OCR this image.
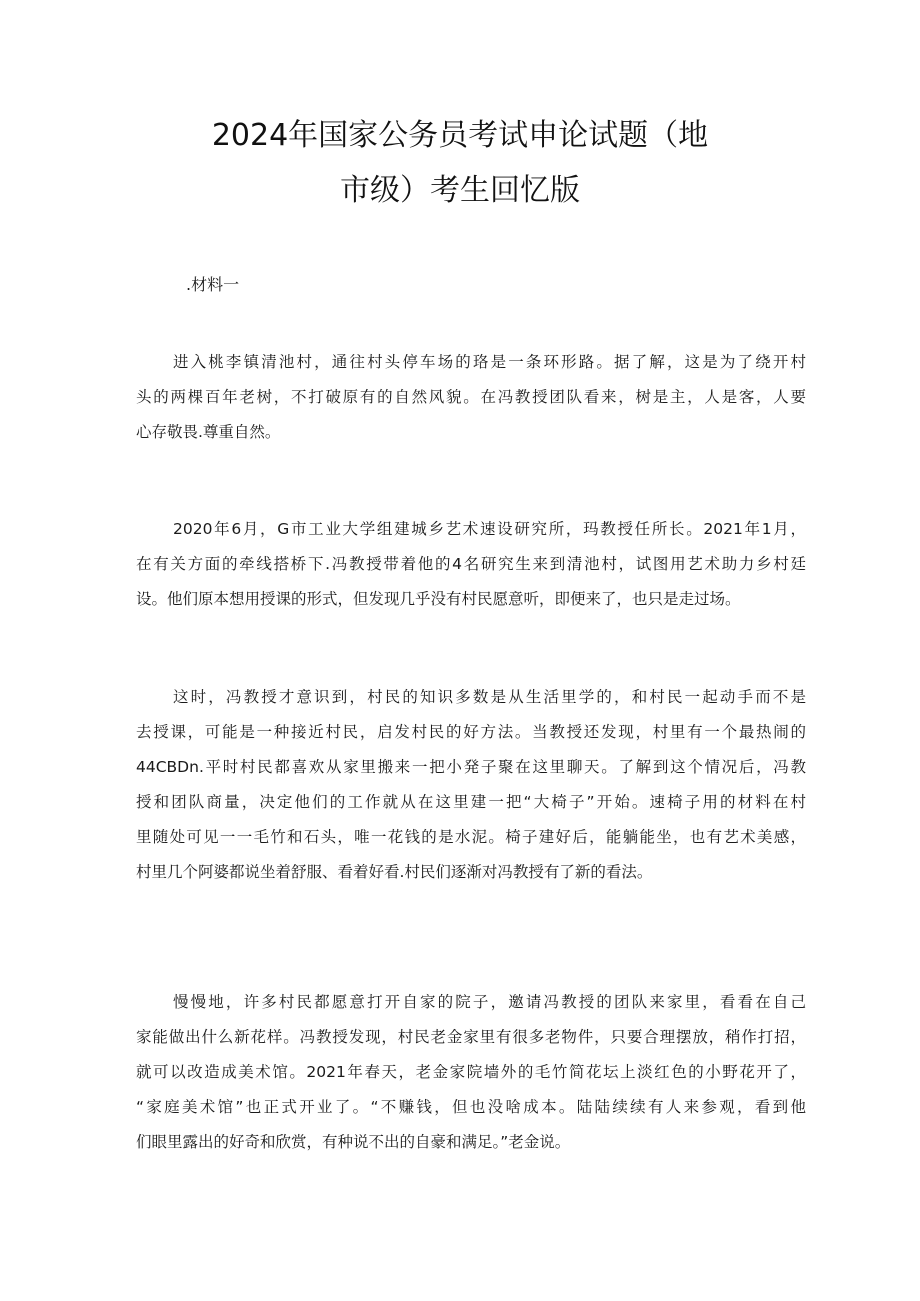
2024年国家公务员考试申论试题（地
市级）考生回忆版

.材料一

进入桃李镇清池村，通往村头停车场的珞是一条环形路。据了解，这是为了绕开村
头的两棵百年老树，不打破原有的自然风貌。在冯教授团队看来，树是主，人是客，人要
心存敬畏.尊重自然。
2020年6月，G市工业大学组建城乡艺术速设研究所，玛教授任所长。2021年1月，
在有关方面的牵线搭桥下.冯教授带着他的4名研究生来到清池村，试图用艺术助力乡村廷
设。他们原本想用授课的形式，但发现几乎没有村民愿意听，即便来了，也只是走过场。
这时，冯教授才意识到，村民的知识多数是从生活里学的，和村民一起动手而不是
去授课，可能是一种接近村民，启发村民的好方法。当教授还发现，村里有一个最热闹的
44CBDn.平时村民都喜欢从家里搬来一把小発子聚在这里聊天。了解到这个情况后，冯教
授和团队商量，决定他们的工作就从在这里建一把“大椅子”开始。速椅子用的材料在村
里随处可见一一毛竹和石头，唯一花钱的是水泥。椅子建好后，能躺能坐，也有艺术美感，
村里几个阿婆都说坐着舒服、看着好看.村民们逐渐对冯教授有了新的看法。
慢慢地，许多村民都愿意打开自家的院子，邀请冯教授的团队来家里，看看在自己
家能做出什么新花样。冯教授发现，村民老金家里有很多老物件，只要合理摆放，稍作打招，
就可以改造成美术馆。2021年春天，老金家院墙外的毛竹简花坛上淡红色的小野花开了，
“家庭美术馆”也正式开业了。“不赚钱，但也没啥成本。陆陆续续有人来参观，看到他
们眼里露出的好奇和欣赏，有种说不出的自豪和满足。”老金说。
